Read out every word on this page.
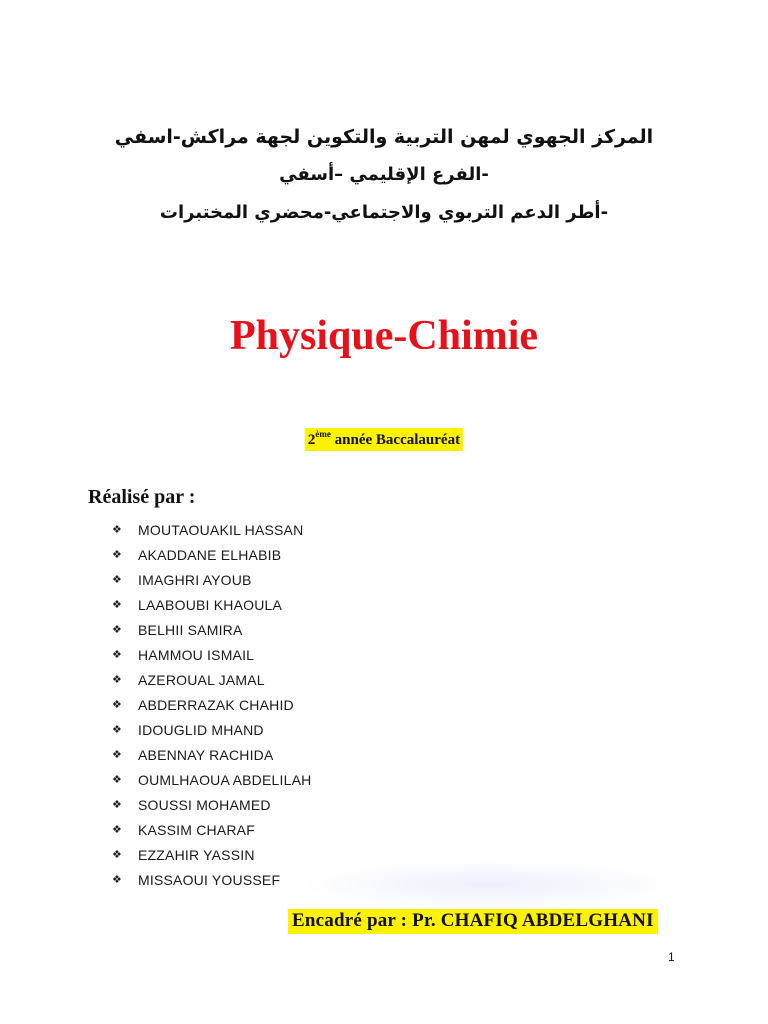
المركز الجهوي لمهن التربية والتكوين لجهة مراكش-اسفي
-الفرع الإقليمي –أسفي
-أطر الدعم التربوي والاجتماعي-محضري المختبرات
Physique-Chimie
2ème année Baccalauréat
Réalisé par :
❖	MOUTAOUAKIL HASSAN
❖	AKADDANE ELHABIB
❖	IMAGHRI AYOUB
❖	LAABOUBI KHAOULA
❖	BELHII SAMIRA
❖	HAMMOU ISMAIL
❖	AZEROUAL JAMAL
❖	ABDERRAZAK CHAHID
❖	IDOUGLID MHAND
❖	ABENNAY RACHIDA
❖	OUMLHAOUA ABDELILAH
❖	SOUSSI MOHAMED
❖	KASSIM CHARAF
❖	EZZAHIR YASSIN
❖	MISSAOUI YOUSSEF
Encadré par : Pr. CHAFIQ ABDELGHANI
1
